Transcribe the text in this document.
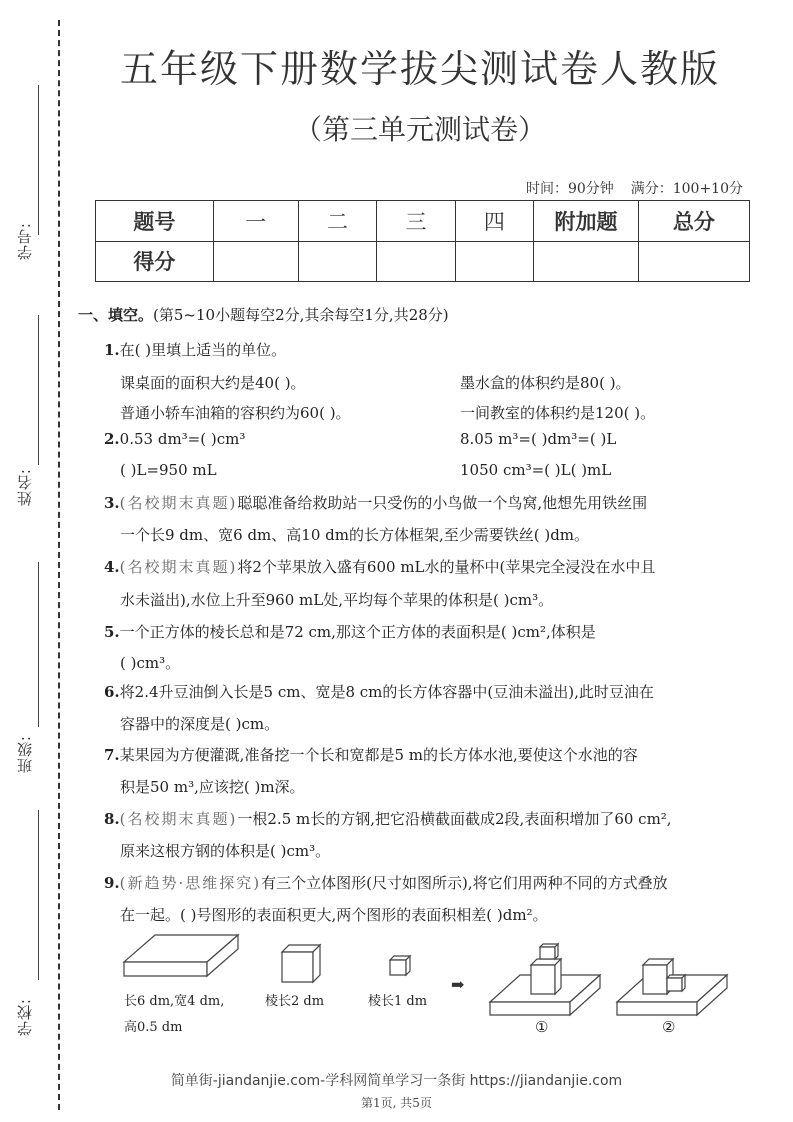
学号:
姓名:
班级:
学校:
五年级下册数学拔尖测试卷人教版
（第三单元测试卷）
时间：90分钟 满分：100+10分
题号	一	二	三	四	附加题	总分
得分						
一、填空。(第5~10小题每空2分,其余每空1分,共28分)
1.在( )里填上适当的单位。
课桌面的面积大约是40( )。	墨水盒的体积约是80( )。
普通小轿车油箱的容积约为60( )。	一间教室的体积约是120( )。
2.0.53 dm³=( )cm³	8.05 m³=( )dm³=( )L
( )L=950 mL	1050 cm³=( )L( )mL
3.(名校期末真题)聪聪准备给救助站一只受伤的小鸟做一个鸟窝,他想先用铁丝围
一个长9 dm、宽6 dm、高10 dm的长方体框架,至少需要铁丝( )dm。
4.(名校期末真题)将2个苹果放入盛有600 mL水的量杯中(苹果完全浸没在水中且
水未溢出),水位上升至960 mL处,平均每个苹果的体积是( )cm³。
5.一个正方体的棱长总和是72 cm,那这个正方体的表面积是( )cm²,体积是
( )cm³。
6.将2.4升豆油倒入长是5 cm、宽是8 cm的长方体容器中(豆油未溢出),此时豆油在
容器中的深度是( )cm。
7.某果园为方便灌溉,准备挖一个长和宽都是5 m的长方体水池,要使这个水池的容
积是50 m³,应该挖( )m深。
8.(名校期末真题)一根2.5 m长的方钢,把它沿横截面截成2段,表面积增加了60 cm²,
原来这根方钢的体积是( )cm³。
9.(新趋势·思维探究)有三个立体图形(尺寸如图所示),将它们用两种不同的方式叠放
在一起。( )号图形的表面积更大,两个图形的表面积相差( )dm²。
长6 dm,宽4 dm,
高0.5 dm
棱长2 dm	棱长1 dm
➡
①	②
简单街-jiandanjie.com-学科网简单学习一条街 https://jiandanjie.com
第1页, 共5页
